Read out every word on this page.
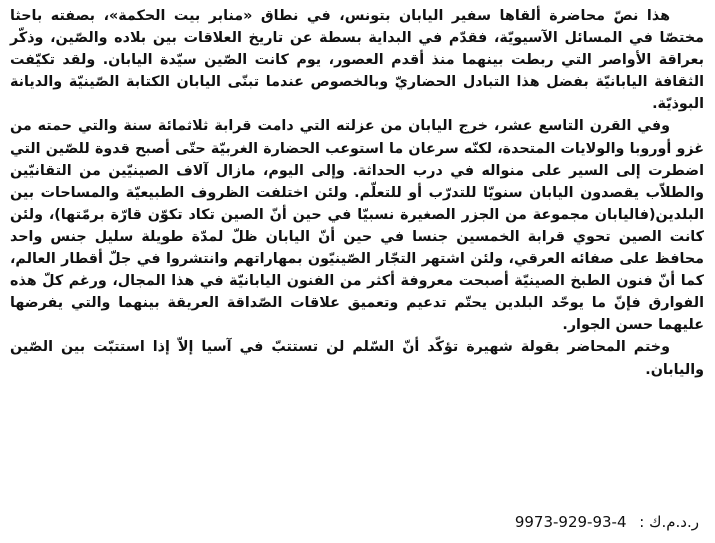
هذا نصّ محاضرة ألقاها سفير اليابان بتونس، في نطاق «منابر بيت الحكمة»، بصفته باحثا مختصّا في المسائل الآسيويّة، فقدّم في البداية بسطة عن تاريخ العلاقات بين بلاده والصّين، وذكّر بعراقة الأواصر التي ربطت بينهما منذ أقدم العصور، يوم كانت الصّين سيّدة اليابان. ولقد تكيّفت الثقافة اليابانيّة بفضل هذا التبادل الحضاريّ وبالخصوص عندما تبنّى اليابان الكتابة الصّينيّة والديانة البوذيّة.

وفي القرن التاسع عشر، خرج اليابان من عزلته التي دامت قرابة ثلاثمائة سنة والتي حمته من غزو أوروبا والولايات المتحدة، لكنّه سرعان ما استوعب الحضارة الغربيّة حتّى أصبح قدوة للصّين التي اضطرت إلى السير على منواله في درب الحداثة. وإلى اليوم، مازال آلاف الصينيّين من التقانيّين والطلاّب يقصدون اليابان سنويّا للتدرّب أو للتعلّم. ولئن اختلفت الظروف الطبيعيّة والمساحات بين البلدين(فاليابان مجموعة من الجزر الصغيرة نسبيّا في حين أنّ الصين تكاد تكوّن قارّة برمّتها)، ولئن كانت الصين تحوي قرابة الخمسين جنسا في حين أنّ اليابان ظلّ لمدّة طويلة سليل جنس واحد محافظ على صفائه العرقي، ولئن اشتهر التجّار الصّينيّون بمهاراتهم وانتشروا في جلّ أقطار العالم، كما أنّ فنون الطبخ الصينيّة أصبحت معروفة أكثر من الفنون اليابانيّة في هذا المجال، ورغم كلّ هذه الفوارق فإنّ ما يوحّد البلدين يحتّم تدعيم وتعميق علاقات الصّداقة العريقة بينهما والتي يفرضها عليهما حسن الجوار.

وختم المحاضر بقولة شهيرة تؤكّد أنّ السّلم لن تستتبّ في آسيا إلاّ إذا استتبّت بين الصّين واليابان.

ر.د.م.ك : 9973-929-93-4
